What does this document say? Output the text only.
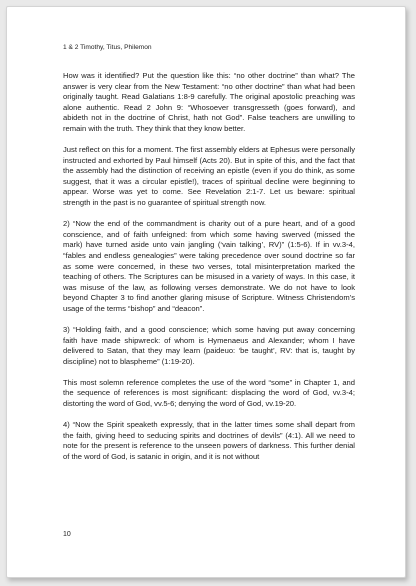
1 & 2 Timothy, Titus, Philemon

How was it identified? Put the question like this: “no other doctrine” than what? The answer is very clear from the New Testament: “no other doctrine” than what had been originally taught. Read Galatians 1:8-9 carefully. The original apostolic preaching was alone authentic. Read 2 John 9: “Whosoever transgresseth (goes forward), and abideth not in the doctrine of Christ, hath not God”. False teachers are unwilling to remain with the truth. They think that they know better.

Just reflect on this for a moment. The first assembly elders at Ephesus were personally instructed and exhorted by Paul himself (Acts 20). But in spite of this, and the fact that the assembly had the distinction of receiving an epistle (even if you do think, as some suggest, that it was a circular epistle!), traces of spiritual decline were beginning to appear. Worse was yet to come. See Revelation 2:1-7. Let us beware: spiritual strength in the past is no guarantee of spiritual strength now.

2) “Now the end of the commandment is charity out of a pure heart, and of a good conscience, and of faith unfeigned: from which some having swerved (missed the mark) have turned aside unto vain jangling (‘vain talking’, RV)” (1:5-6). If in vv.3-4, “fables and endless genealogies” were taking precedence over sound doctrine so far as some were concerned, in these two verses, total misinterpretation marked the teaching of others. The Scriptures can be misused in a variety of ways. In this case, it was misuse of the law, as following verses demonstrate. We do not have to look beyond Chapter 3 to find another glaring misuse of Scripture. Witness Christendom’s usage of the terms “bishop” and “deacon”.

3) “Holding faith, and a good conscience; which some having put away concerning faith have made shipwreck: of whom is Hymenaeus and Alexander; whom I have delivered to Satan, that they may learn (paideuo: ‘be taught’, RV: that is, taught by discipline) not to blaspheme” (1:19-20).

This most solemn reference completes the use of the word “some” in Chapter 1, and the sequence of references is most significant: displacing the word of God, vv.3-4; distorting the word of God, vv.5-6; denying the word of God, vv.19-20.

4) “Now the Spirit speaketh expressly, that in the latter times some shall depart from the faith, giving heed to seducing spirits and doctrines of devils” (4:1). All we need to note for the present is reference to the unseen powers of darkness. This further denial of the word of God, is satanic in origin, and it is not without

10
